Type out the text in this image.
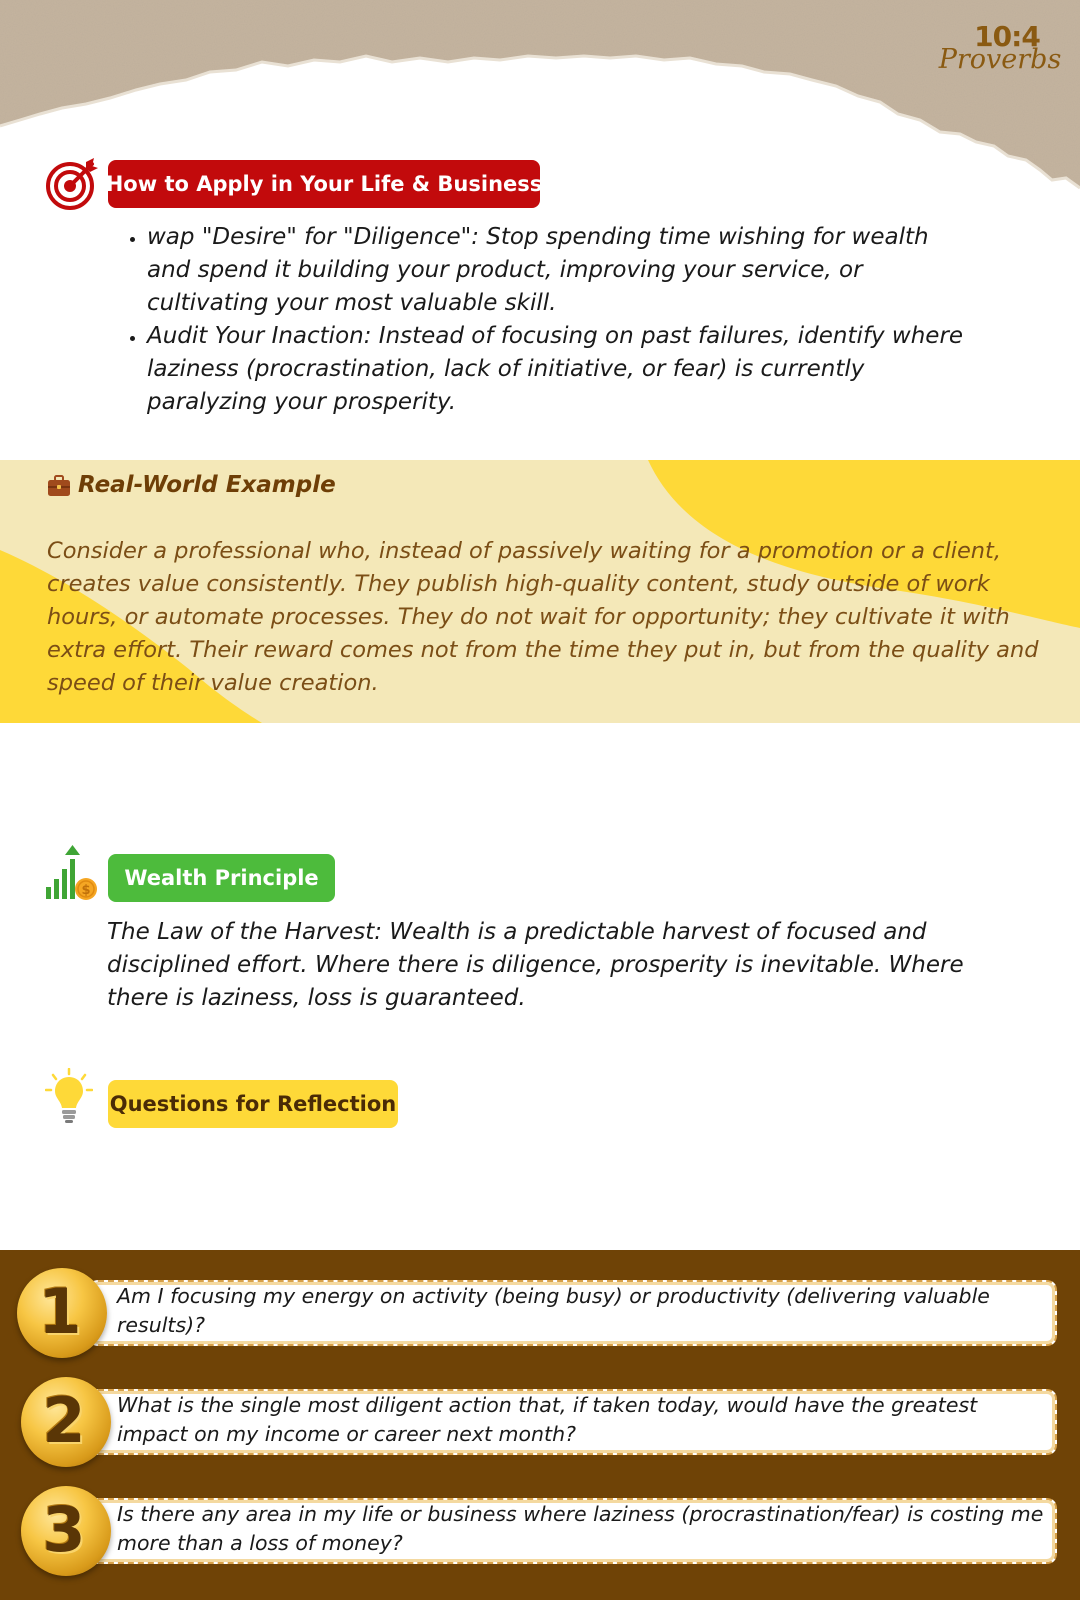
10:4
Proverbs
How to Apply in Your Life & Business
• wap "Desire" for "Diligence": Stop spending time wishing for wealth and spend it building your product, improving your service, or cultivating your most valuable skill.
• Audit Your Inaction: Instead of focusing on past failures, identify where laziness (procrastination, lack of initiative, or fear) is currently paralyzing your prosperity.
Real-World Example
Consider a professional who, instead of passively waiting for a promotion or a client, creates value consistently. They publish high-quality content, study outside of work hours, or automate processes. They do not wait for opportunity; they cultivate it with extra effort. Their reward comes not from the time they put in, but from the quality and speed of their value creation.
$
Wealth Principle
The Law of the Harvest: Wealth is a predictable harvest of focused and disciplined effort. Where there is diligence, prosperity is inevitable. Where there is laziness, loss is guaranteed.
Questions for Reflection
Am I focusing my energy on activity (being busy) or productivity (delivering valuable results)?
1
What is the single most diligent action that, if taken today, would have the greatest impact on my income or career next month?
2
Is there any area in my life or business where laziness (procrastination/fear) is costing me more than a loss of money?
3
